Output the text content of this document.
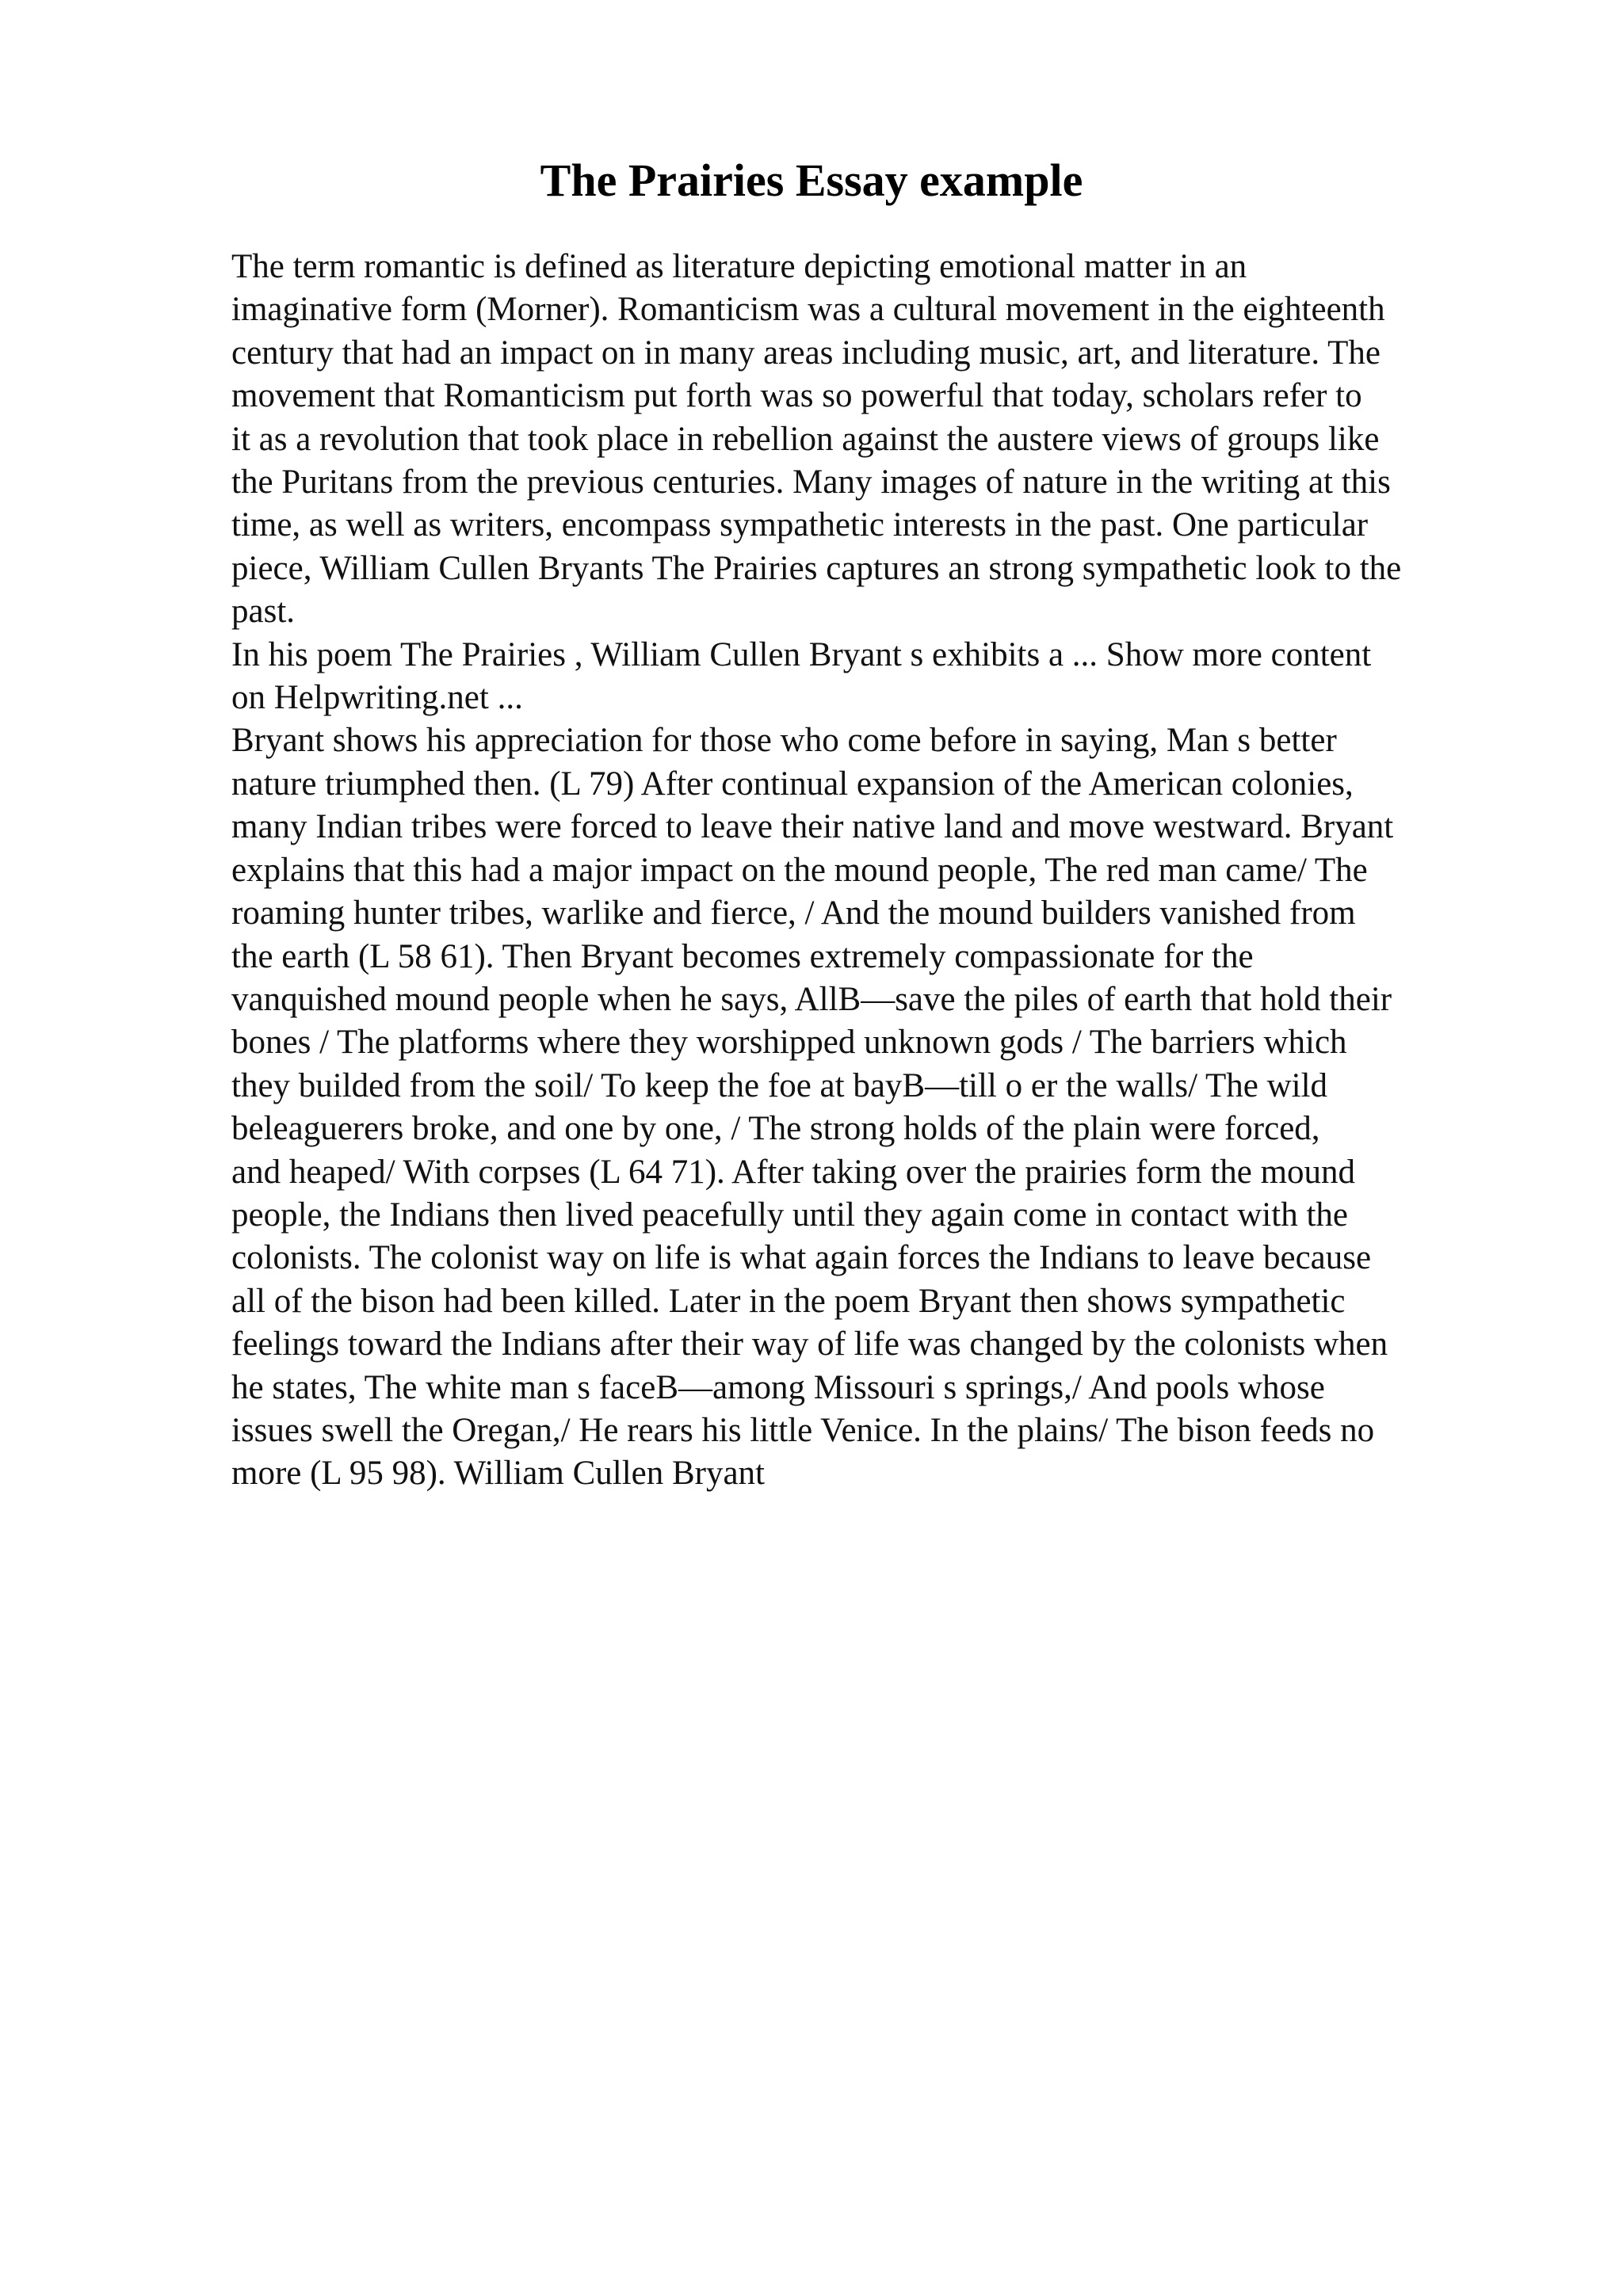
The Prairies Essay example
The term romantic is defined as literature depicting emotional matter in an
imaginative form (Morner). Romanticism was a cultural movement in the eighteenth
century that had an impact on in many areas including music, art, and literature. The
movement that Romanticism put forth was so powerful that today, scholars refer to
it as a revolution that took place in rebellion against the austere views of groups like
the Puritans from the previous centuries. Many images of nature in the writing at this
time, as well as writers, encompass sympathetic interests in the past. One particular
piece, William Cullen Bryants The Prairies captures an strong sympathetic look to the
past.
In his poem The Prairies , William Cullen Bryant s exhibits a ... Show more content
on Helpwriting.net ...
Bryant shows his appreciation for those who come before in saying, Man s better
nature triumphed then. (L 79) After continual expansion of the American colonies,
many Indian tribes were forced to leave their native land and move westward. Bryant
explains that this had a major impact on the mound people, The red man came/ The
roaming hunter tribes, warlike and fierce, / And the mound builders vanished from
the earth (L 58 61). Then Bryant becomes extremely compassionate for the
vanquished mound people when he says, AllB—save the piles of earth that hold their
bones / The platforms where they worshipped unknown gods / The barriers which
they builded from the soil/ To keep the foe at bayB—till o er the walls/ The wild
beleaguerers broke, and one by one, / The strong holds of the plain were forced,
and heaped/ With corpses (L 64 71). After taking over the prairies form the mound
people, the Indians then lived peacefully until they again come in contact with the
colonists. The colonist way on life is what again forces the Indians to leave because
all of the bison had been killed. Later in the poem Bryant then shows sympathetic
feelings toward the Indians after their way of life was changed by the colonists when
he states, The white man s faceB—among Missouri s springs,/ And pools whose
issues swell the Oregan,/ He rears his little Venice. In the plains/ The bison feeds no
more (L 95 98). William Cullen Bryant
